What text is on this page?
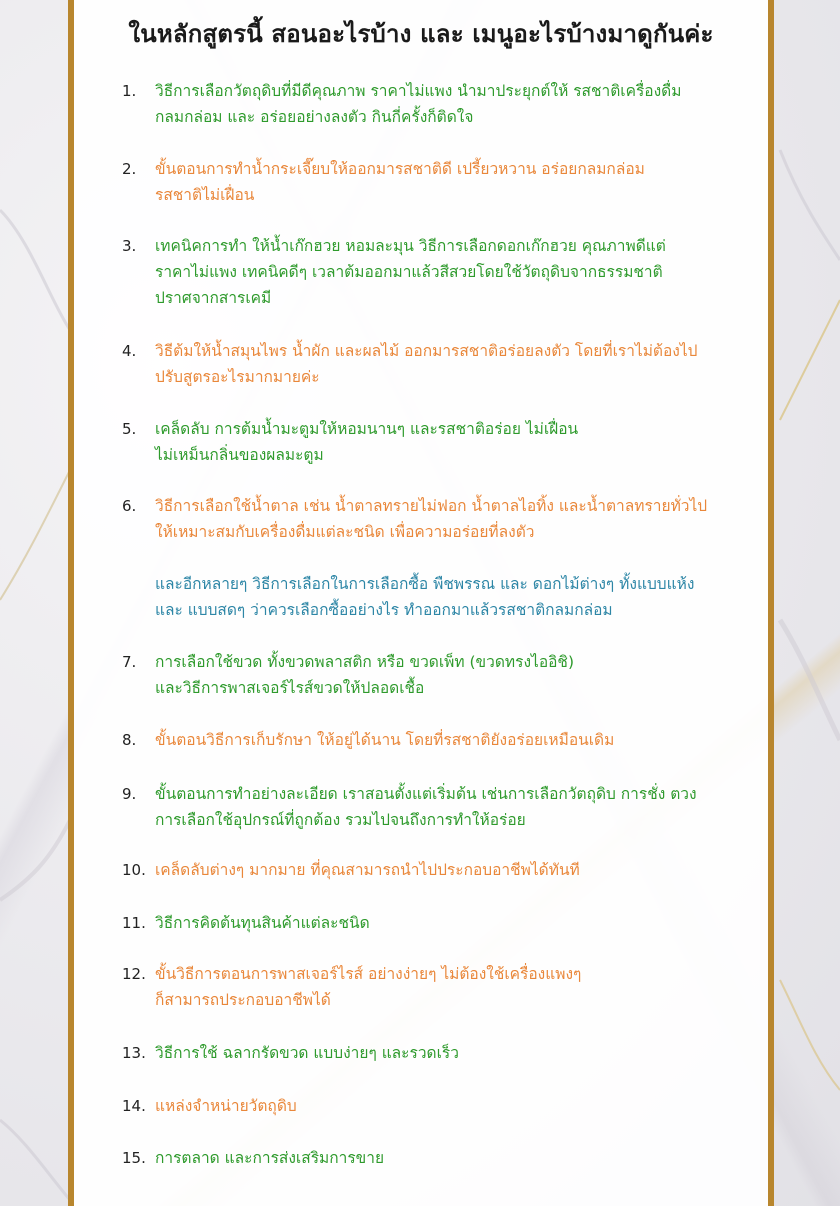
ในหลักสูตรนี้ สอนอะไรบ้าง และ เมนูอะไรบ้างมาดูกันค่ะ
1.	วิธีการเลือกวัตถุดิบที่มีดีคุณภาพ ราคาไม่แพง นำมาประยุกต์ให้ รสชาติเครื่องดื่ม
กลมกล่อม และ อร่อยอย่างลงตัว กินกี่ครั้งก็ติดใจ
2.	ขั้นตอนการทำน้ำกระเจี๊ยบให้ออกมารสชาติดี เปรี้ยวหวาน อร่อยกลมกล่อม
รสชาติไม่เฝื่อน
3.	เทคนิคการทำ ให้น้ำเก๊กฮวย หอมละมุน วิธีการเลือกดอกเก๊กฮวย คุณภาพดีแต่
ราคาไม่แพง เทคนิคดีๆ เวลาต้มออกมาแล้วสีสวยโดยใช้วัตถุดิบจากธรรมชาติ
ปราศจากสารเคมี
4.	วิธีต้มให้น้ำสมุนไพร น้ำผัก และผลไม้ ออกมารสชาติอร่อยลงตัว โดยที่เราไม่ต้องไป
ปรับสูตรอะไรมากมายค่ะ
5.	เคล็ดลับ การต้มน้ำมะตูมให้หอมนานๆ และรสชาติอร่อย ไม่เฝื่อน
ไม่เหม็นกลิ่นของผลมะตูม
6.	วิธีการเลือกใช้น้ำตาล เช่น น้ำตาลทรายไม่ฟอก น้ำตาลไอทิ้ง และน้ำตาลทรายทั่วไป
ให้เหมาะสมกับเครื่องดื่มแต่ละชนิด เพื่อความอร่อยที่ลงตัว
และอีกหลายๆ วิธีการเลือกในการเลือกซื้อ พืชพรรณ และ ดอกไม้ต่างๆ ทั้งแบบแห้ง
และ แบบสดๆ ว่าควรเลือกซื้ออย่างไร ทำออกมาแล้วรสชาติกลมกล่อม
7.	การเลือกใช้ขวด ทั้งขวดพลาสติก หรือ ขวดเพ็ท (ขวดทรงไออิชิ)
และวิธีการพาสเจอร์ไรส์ขวดให้ปลอดเชื้อ
8.	ขั้นตอนวิธีการเก็บรักษา ให้อยู่ได้นาน โดยที่รสชาติยังอร่อยเหมือนเดิม
9.	ขั้นตอนการทำอย่างละเอียด เราสอนตั้งแต่เริ่มต้น เช่นการเลือกวัตถุดิบ การชั่ง ตวง
การเลือกใช้อุปกรณ์ที่ถูกต้อง รวมไปจนถึงการทำให้อร่อย
10. เคล็ดลับต่างๆ มากมาย ที่คุณสามารถนำไปประกอบอาชีพได้ทันที
11. วิธีการคิดต้นทุนสินค้าแต่ละชนิด
12. ขั้นวิธีการตอนการพาสเจอร์ไรส์ อย่างง่ายๆ ไม่ต้องใช้เครื่องแพงๆ
ก็สามารถประกอบอาชีพได้
13. วิธีการใช้ ฉลากรัดขวด แบบง่ายๆ และรวดเร็ว
14. แหล่งจำหน่ายวัตถุดิบ
15. การตลาด และการส่งเสริมการขาย
